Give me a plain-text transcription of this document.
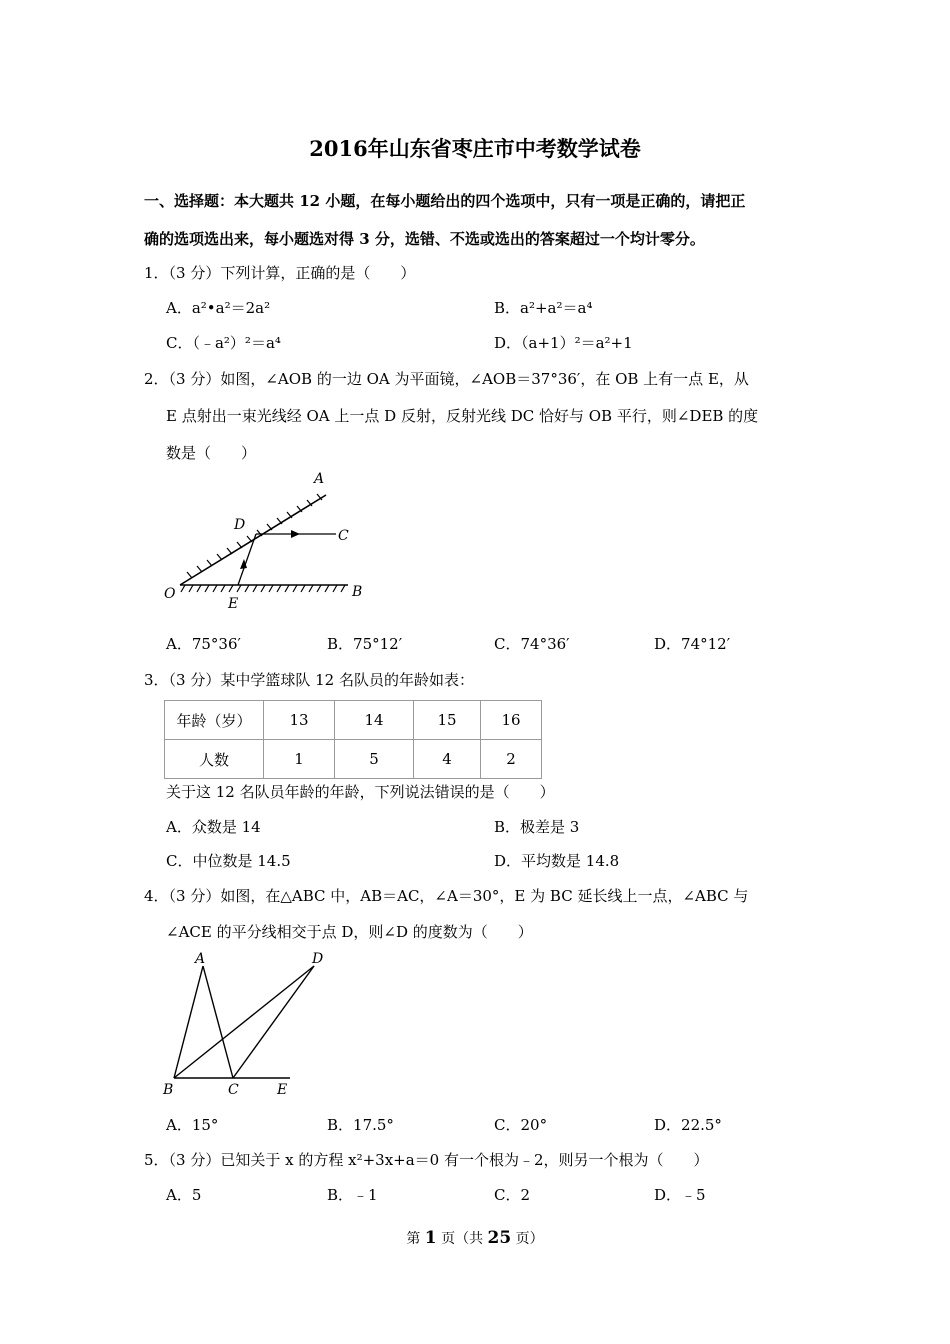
2016年山东省枣庄市中考数学试卷
一、选择题：本大题共 12 小题，在每小题给出的四个选项中，只有一项是正确的，请把正
确的选项选出来，每小题选对得 3 分，选错、不选或选出的答案超过一个均计零分。
1．（3 分）下列计算，正确的是（　　）
A．a²•a²＝2a²	B．a²+a²＝a⁴
C．（﹣a²）²＝a⁴	D．（a+1）²＝a²+1
2．（3 分）如图，∠AOB 的一边 OA 为平面镜，∠AOB＝37°36′，在 OB 上有一点 E，从
E 点射出一束光线经 OA 上一点 D 反射，反射光线 DC 恰好与 OB 平行，则∠DEB 的度
数是（　　）
A
D
C
O
E
B
A．75°36′	B．75°12′	C．74°36′	D．74°12′
3．（3 分）某中学篮球队 12 名队员的年龄如表：
年龄（岁）	13	14	15	16
人数	1	5	4	2
关于这 12 名队员年龄的年龄，下列说法错误的是（　　）
A．众数是 14	B．极差是 3
C．中位数是 14.5	D．平均数是 14.8
4．（3 分）如图，在△ABC 中，AB＝AC，∠A＝30°，E 为 BC 延长线上一点，∠ABC 与
∠ACE 的平分线相交于点 D，则∠D 的度数为（　　）
A	D
B	C	E
A．15°	B．17.5°	C．20°	D．22.5°
5．（3 分）已知关于 x 的方程 x²+3x+a＝0 有一个根为﹣2，则另一个根为（　　）
A．5	B．﹣1	C．2	D．﹣5
第 1 页（共 25 页）
